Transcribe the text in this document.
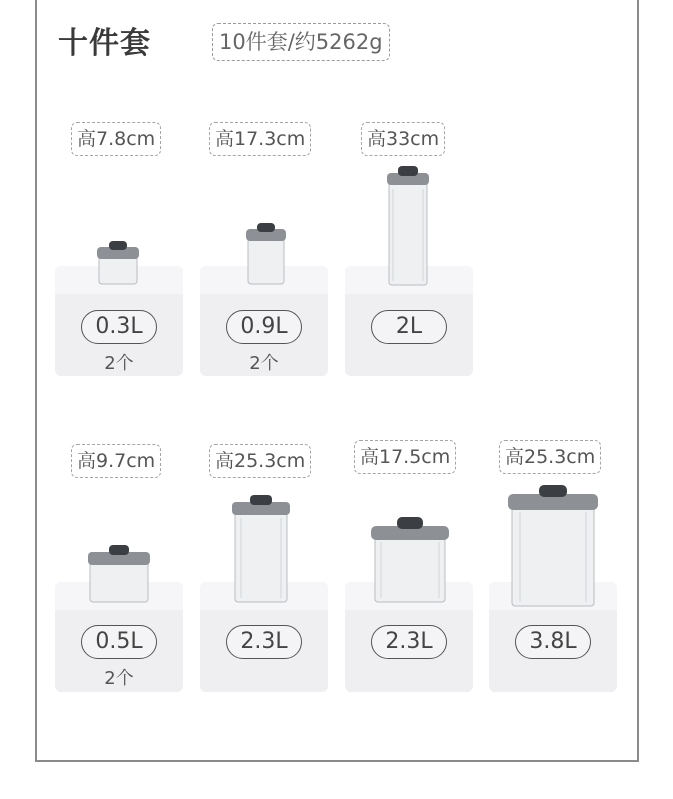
十件套	10件套/约5262g
高7.8cm	高17.3cm	高33cm
0.3L
2个
0.9L
2个
2L
高9.7cm	高25.3cm	高17.5cm	高25.3cm
0.5L
2个
2.3L	2.3L	3.8L
